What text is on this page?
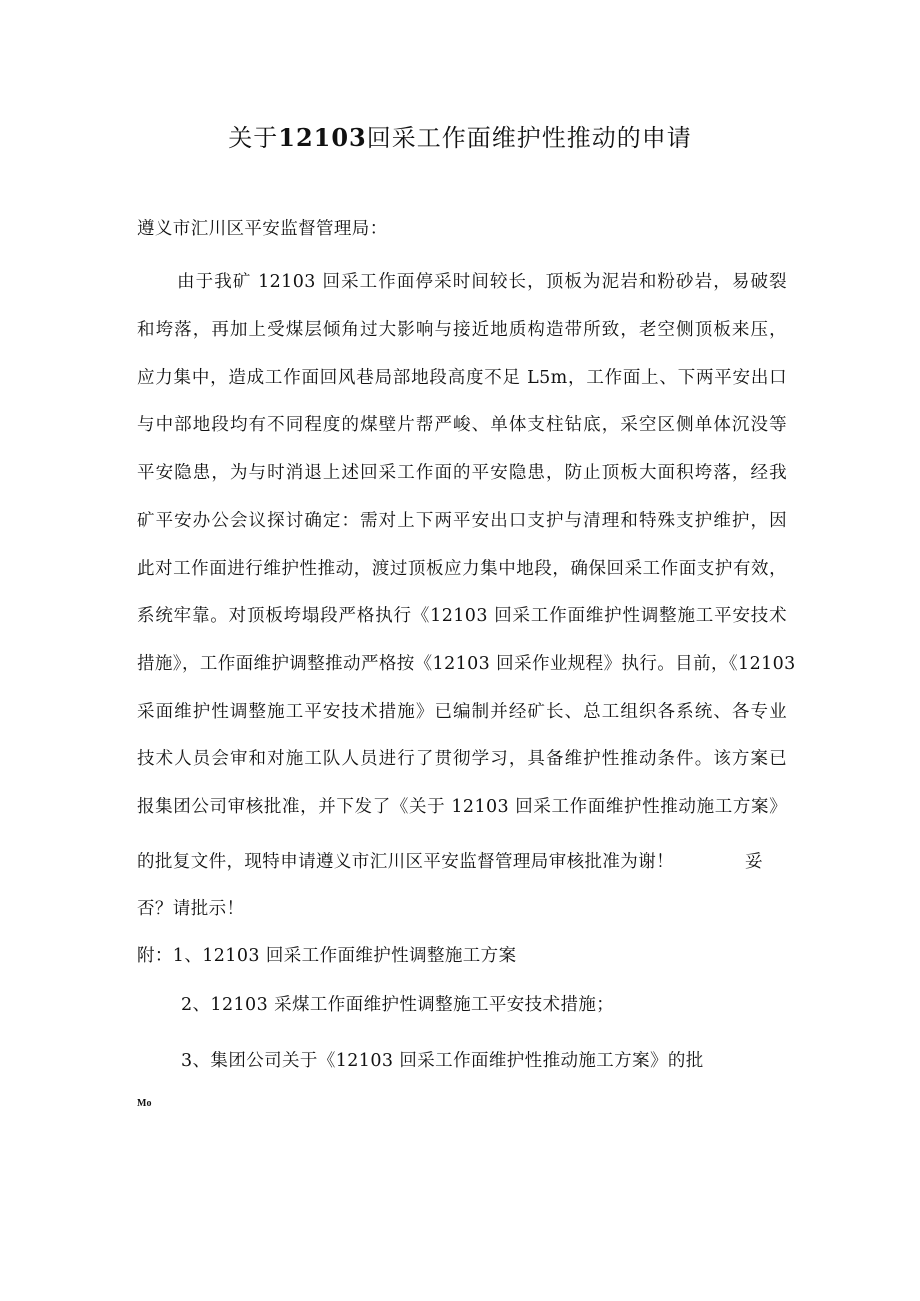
关于12103回采工作面维护性推动的申请
遵义市汇川区平安监督管理局：
由于我矿 12103 回采工作面停采时间较长，顶板为泥岩和粉砂岩，易破裂
和垮落，再加上受煤层倾角过大影响与接近地质构造带所致，老空侧顶板来压，
应力集中，造成工作面回风巷局部地段高度不足 L5m，工作面上、下两平安出口
与中部地段均有不同程度的煤壁片帮严峻、单体支柱钻底，采空区侧单体沉没等
平安隐患，为与时消退上述回采工作面的平安隐患，防止顶板大面积垮落，经我
矿平安办公会议探讨确定：需对上下两平安出口支护与清理和特殊支护维护，因
此对工作面进行维护性推动，渡过顶板应力集中地段，确保回采工作面支护有效，
系统牢靠。对顶板垮塌段严格执行《12103 回采工作面维护性调整施工平安技术
措施》，工作面维护调整推动严格按《12103 回采作业规程》执行。目前，《12103
采面维护性调整施工平安技术措施》已编制并经矿长、总工组织各系统、各专业
技术人员会审和对施工队人员进行了贯彻学习，具备维护性推动条件。该方案已
报集团公司审核批准，并下发了《关于 12103 回采工作面维护性推动施工方案》
的批复文件，现特申请遵义市汇川区平安监督管理局审核批准为谢！	妥
否？请批示！
附：1、12103 回采工作面维护性调整施工方案
2、12103 采煤工作面维护性调整施工平安技术措施；
3、集团公司关于《12103 回采工作面维护性推动施工方案》的批
Mo
